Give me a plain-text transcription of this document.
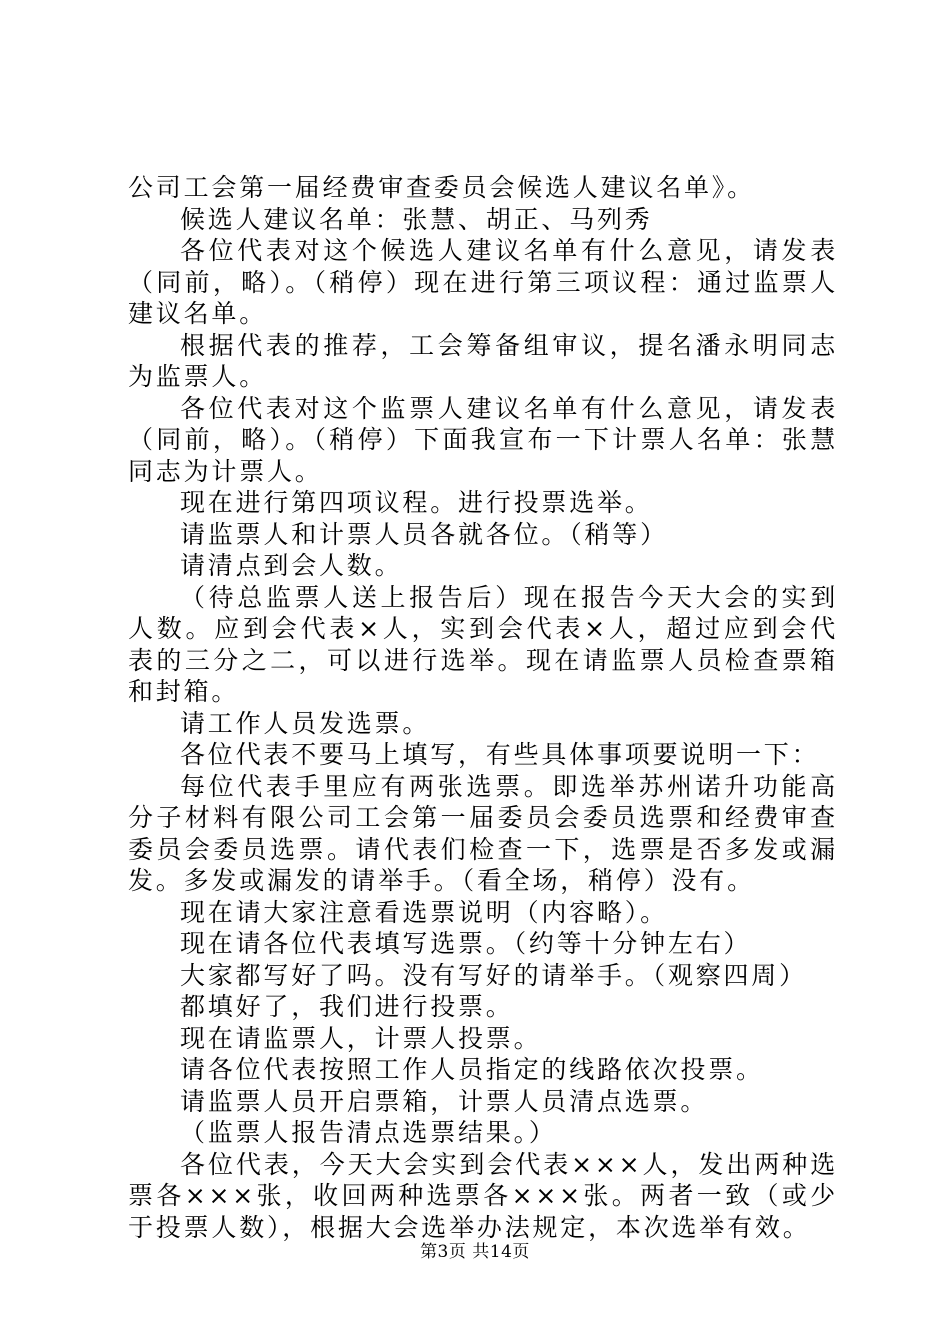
公司工会第一届经费审查委员会候选人建议名单》。

候选人建议名单：张慧、胡正、马列秀

各位代表对这个候选人建议名单有什么意见，请发表（同前，略）。（稍停）现在进行第三项议程：通过监票人建议名单。

根据代表的推荐，工会筹备组审议，提名潘永明同志为监票人。

各位代表对这个监票人建议名单有什么意见，请发表（同前，略）。（稍停）下面我宣布一下计票人名单：张慧同志为计票人。

现在进行第四项议程。进行投票选举。

请监票人和计票人员各就各位。（稍等）

请清点到会人数。

（待总监票人送上报告后）现在报告今天大会的实到人数。应到会代表×人，实到会代表×人，超过应到会代表的三分之二，可以进行选举。现在请监票人员检查票箱和封箱。

请工作人员发选票。

各位代表不要马上填写，有些具体事项要说明一下：

每位代表手里应有两张选票。即选举苏州诺升功能高分子材料有限公司工会第一届委员会委员选票和经费审查委员会委员选票。请代表们检查一下，选票是否多发或漏发。多发或漏发的请举手。（看全场，稍停）没有。

现在请大家注意看选票说明（内容略）。

现在请各位代表填写选票。（约等十分钟左右）

大家都写好了吗。没有写好的请举手。（观察四周）

都填好了，我们进行投票。

现在请监票人，计票人投票。

请各位代表按照工作人员指定的线路依次投票。

请监票人员开启票箱，计票人员清点选票。

（监票人报告清点选票结果。）

各位代表，今天大会实到会代表×××人，发出两种选票各×××张，收回两种选票各×××张。两者一致（或少于投票人数），根据大会选举办法规定，本次选举有效。

第3页 共14页
